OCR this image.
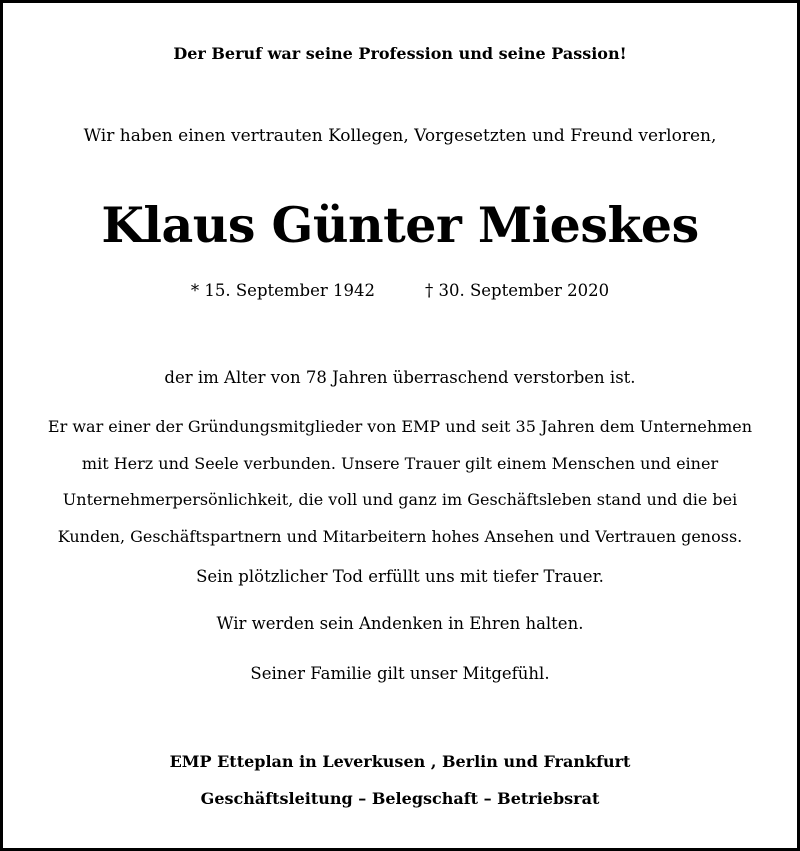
Der Beruf war seine Profession und seine Passion!
Wir haben einen vertrauten Kollegen, Vorgesetzten und Freund verloren,
Klaus Günter Mieskes
* 15. September 1942	† 30. September 2020
der im Alter von 78 Jahren überraschend verstorben ist.
Er war einer der Gründungsmitglieder von EMP und seit 35 Jahren dem Unternehmen
mit Herz und Seele verbunden. Unsere Trauer gilt einem Menschen und einer
Unternehmerpersönlichkeit, die voll und ganz im Geschäftsleben stand und die bei
Kunden, Geschäftspartnern und Mitarbeitern hohes Ansehen und Vertrauen genoss.
Sein plötzlicher Tod erfüllt uns mit tiefer Trauer.
Wir werden sein Andenken in Ehren halten.
Seiner Familie gilt unser Mitgefühl.
EMP Etteplan in Leverkusen , Berlin und Frankfurt
Geschäftsleitung – Belegschaft – Betriebsrat
